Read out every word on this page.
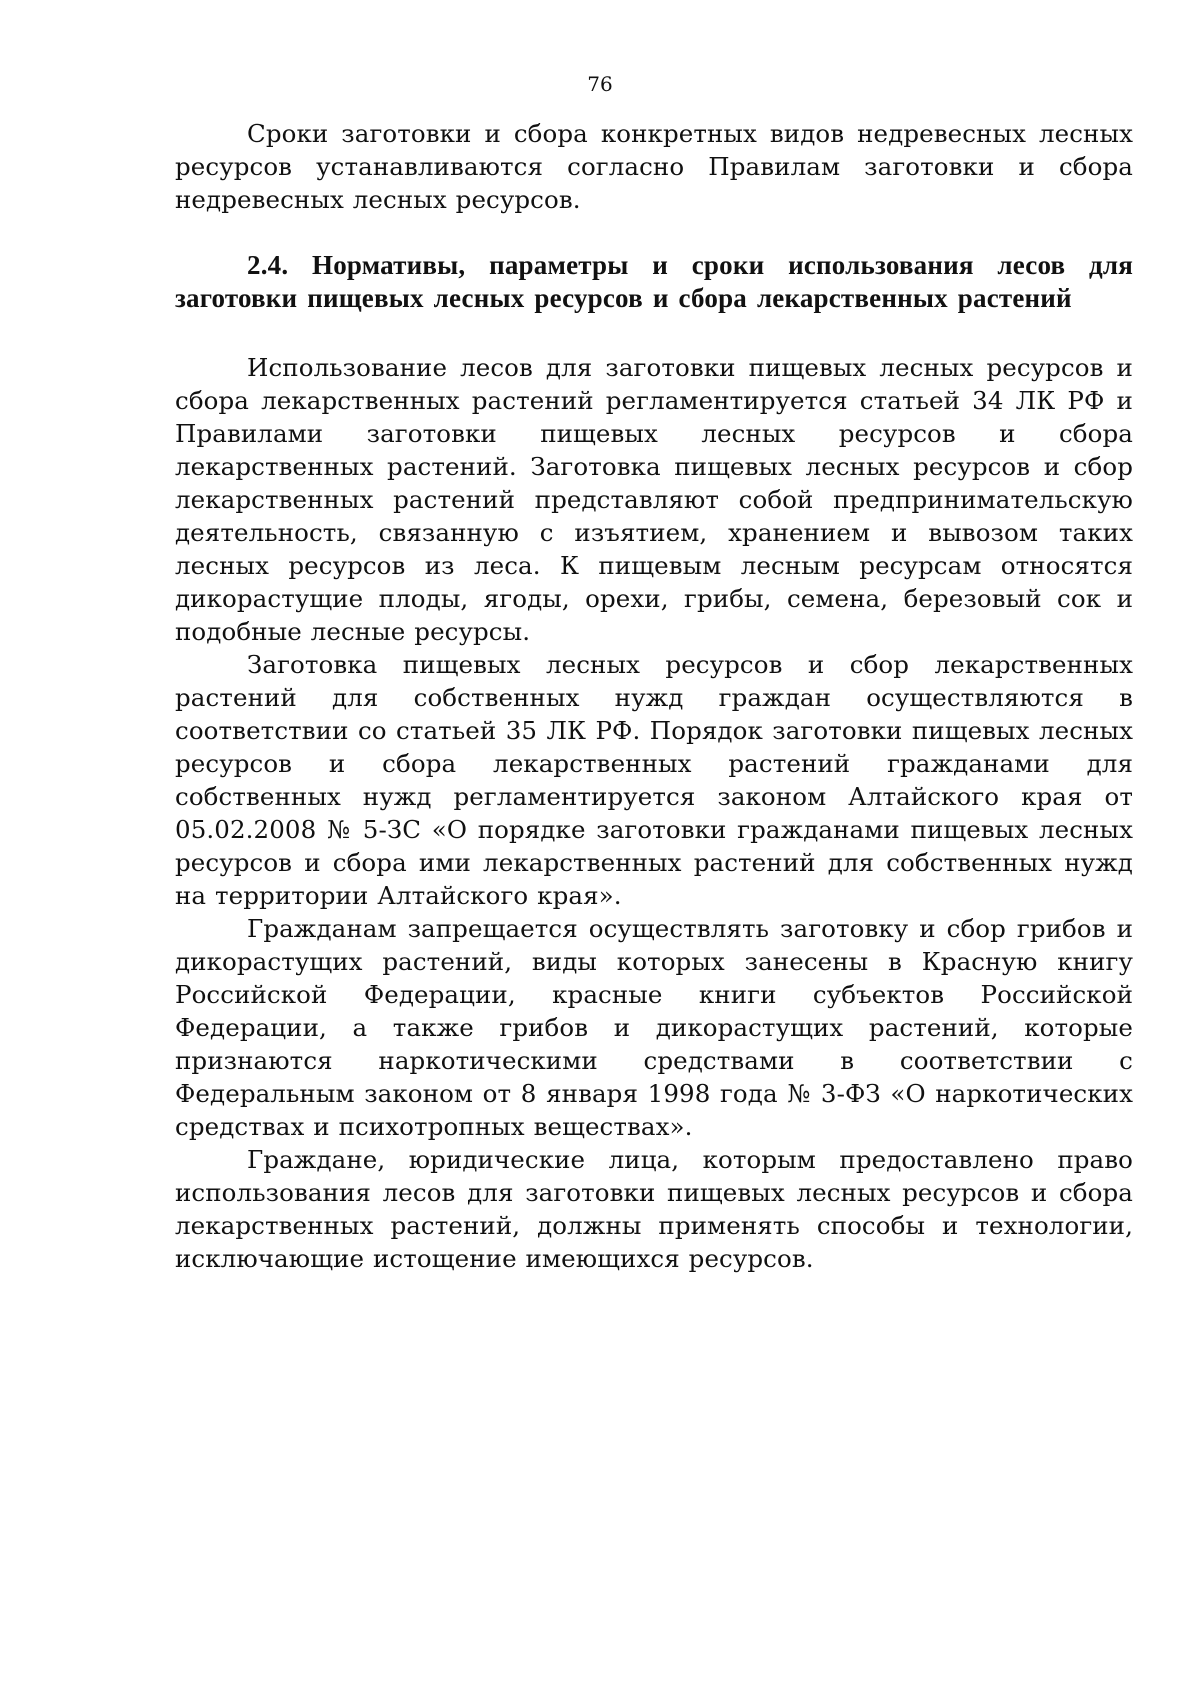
76

Сроки заготовки и сбора конкретных видов недревесных лесных ресурсов устанавливаются согласно Правилам заготовки и сбора недревесных лесных ресурсов.

2.4. Нормативы, параметры и сроки использования лесов для заготовки пищевых лесных ресурсов и сбора лекарственных растений

Использование лесов для заготовки пищевых лесных ресурсов и сбора лекарственных растений регламентируется статьей 34 ЛК РФ и Правилами заготовки пищевых лесных ресурсов и сбора лекарственных растений. Заготовка пищевых лесных ресурсов и сбор лекарственных растений представляют собой предпринимательскую деятельность, связанную с изъятием, хранением и вывозом таких лесных ресурсов из леса. К пищевым лесным ресурсам относятся дикорастущие плоды, ягоды, орехи, грибы, семена, березовый сок и подобные лесные ресурсы.

Заготовка пищевых лесных ресурсов и сбор лекарственных растений для собственных нужд граждан осуществляются в соответствии со статьей 35 ЛК РФ. Порядок заготовки пищевых лесных ресурсов и сбора лекарственных растений гражданами для собственных нужд регламентируется законом Алтайского края от 05.02.2008 № 5-ЗС «О порядке заготовки гражданами пищевых лесных ресурсов и сбора ими лекарственных растений для собственных нужд на территории Алтайского края».

Гражданам запрещается осуществлять заготовку и сбор грибов и дикорастущих растений, виды которых занесены в Красную книгу Российской Федерации, красные книги субъектов Российской Федерации, а также грибов и дикорастущих растений, которые признаются наркотическими средствами в соответствии с Федеральным законом от 8 января 1998 года № 3-ФЗ «О наркотических средствах и психотропных веществах».

Граждане, юридические лица, которым предоставлено право использования лесов для заготовки пищевых лесных ресурсов и сбора лекарственных растений, должны применять способы и технологии, исключающие истощение имеющихся ресурсов.
